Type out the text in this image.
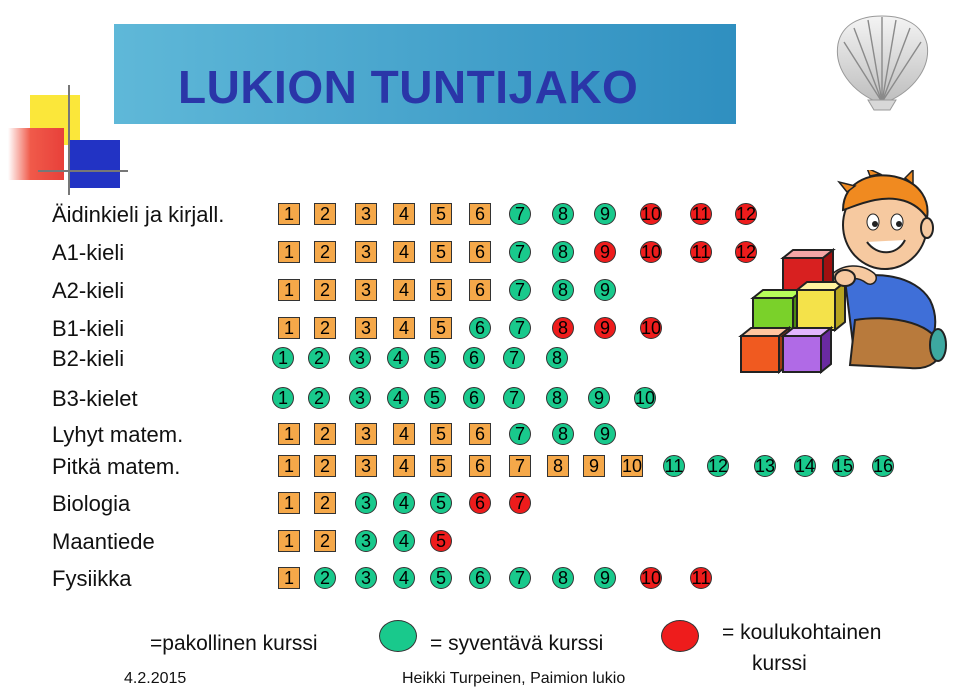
LUKION TUNTIJAKO
Äidinkieli ja kirjall.	1	2	3	4	5	6	7	8	9	10 11 12
A1-kieli	1	2	3	4	5	6	7	8	9	10 11 12
A2-kieli	1	2	3	4	5	6	7	8	9
B1-kieli	1	2	3	4	5	6	7	8	9	10
B2-kieli	1	2	3	4	5	6	7	8
B3-kielet	1	2	3	4	5	6	7	8	9	10
Lyhyt matem.	1	2	3	4	5	6	7	8	9
Pitkä matem.	1	2	3	4	5	6	7	8	9	10 11 12 13 14 15 16
Biologia	1	2	3	4	5	6	7
Maantiede	1	2	3	4	5
Fysiikka	1	2	3	4	5	6	7	8	9	10 11
=pakollinen kurssi	= syventävä kurssi	= koulukohtainen
kurssi
4.2.2015	Heikki Turpeinen, Paimion lukio
